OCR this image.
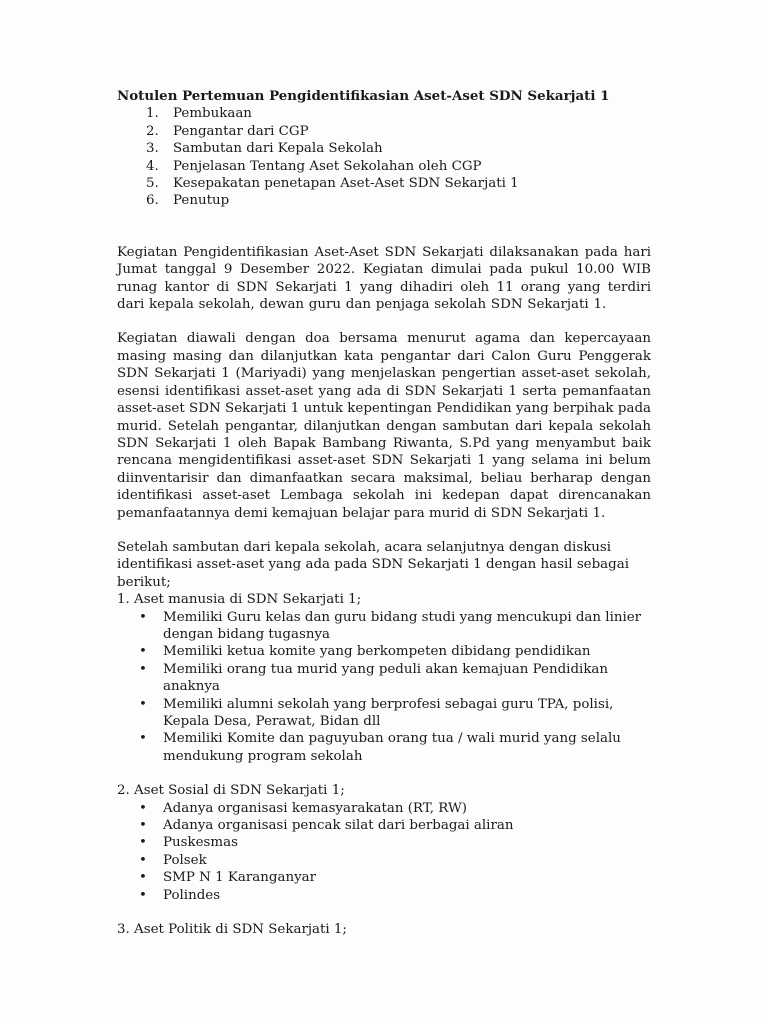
Notulen Pertemuan Pengidentifikasian Aset-Aset SDN Sekarjati 1

1. Pembukaan
2. Pengantar dari CGP
3. Sambutan dari Kepala Sekolah
4. Penjelasan Tentang Aset Sekolahan oleh CGP
5. Kesepakatan penetapan Aset-Aset SDN Sekarjati 1
6. Penutup

Kegiatan Pengidentifikasian Aset-Aset SDN Sekarjati dilaksanakan pada hari Jumat tanggal 9 Desember 2022. Kegiatan dimulai pada pukul 10.00 WIB runag kantor di SDN Sekarjati 1 yang dihadiri oleh 11 orang yang terdiri dari kepala sekolah, dewan guru dan penjaga sekolah SDN Sekarjati 1.

Kegiatan diawali dengan doa bersama menurut agama dan kepercayaan masing masing dan dilanjutkan kata pengantar dari Calon Guru Penggerak SDN Sekarjati 1 (Mariyadi) yang menjelaskan pengertian asset-aset sekolah, esensi identifikasi asset-aset yang ada di SDN Sekarjati 1 serta pemanfaatan asset-aset SDN Sekarjati 1 untuk kepentingan Pendidikan yang berpihak pada murid. Setelah pengantar, dilanjutkan dengan sambutan dari kepala sekolah SDN Sekarjati 1 oleh Bapak Bambang Riwanta, S.Pd yang menyambut baik rencana mengidentifikasi asset-aset SDN Sekarjati 1 yang selama ini belum diinventarisir dan dimanfaatkan secara maksimal, beliau berharap dengan identifikasi asset-aset Lembaga sekolah ini kedepan dapat direncanakan pemanfaatannya demi kemajuan belajar para murid di SDN Sekarjati 1.

Setelah sambutan dari kepala sekolah, acara selanjutnya dengan diskusi identifikasi asset-aset yang ada pada SDN Sekarjati 1 dengan hasil sebagai berikut;

1. Aset manusia di SDN Sekarjati 1;

• Memiliki Guru kelas dan guru bidang studi yang mencukupi dan linier dengan bidang tugasnya
• Memiliki ketua komite yang berkompeten dibidang pendidikan
• Memiliki orang tua murid yang peduli akan kemajuan Pendidikan anaknya
• Memiliki alumni sekolah yang berprofesi sebagai guru TPA, polisi, Kepala Desa, Perawat, Bidan dll
• Memiliki Komite dan paguyuban orang tua / wali murid yang selalu mendukung program sekolah

2. Aset Sosial di SDN Sekarjati 1;

• Adanya organisasi kemasyarakatan (RT, RW)
• Adanya organisasi pencak silat dari berbagai aliran
• Puskesmas
• Polsek
• SMP N 1 Karanganyar
• Polindes

3. Aset Politik di SDN Sekarjati 1;
